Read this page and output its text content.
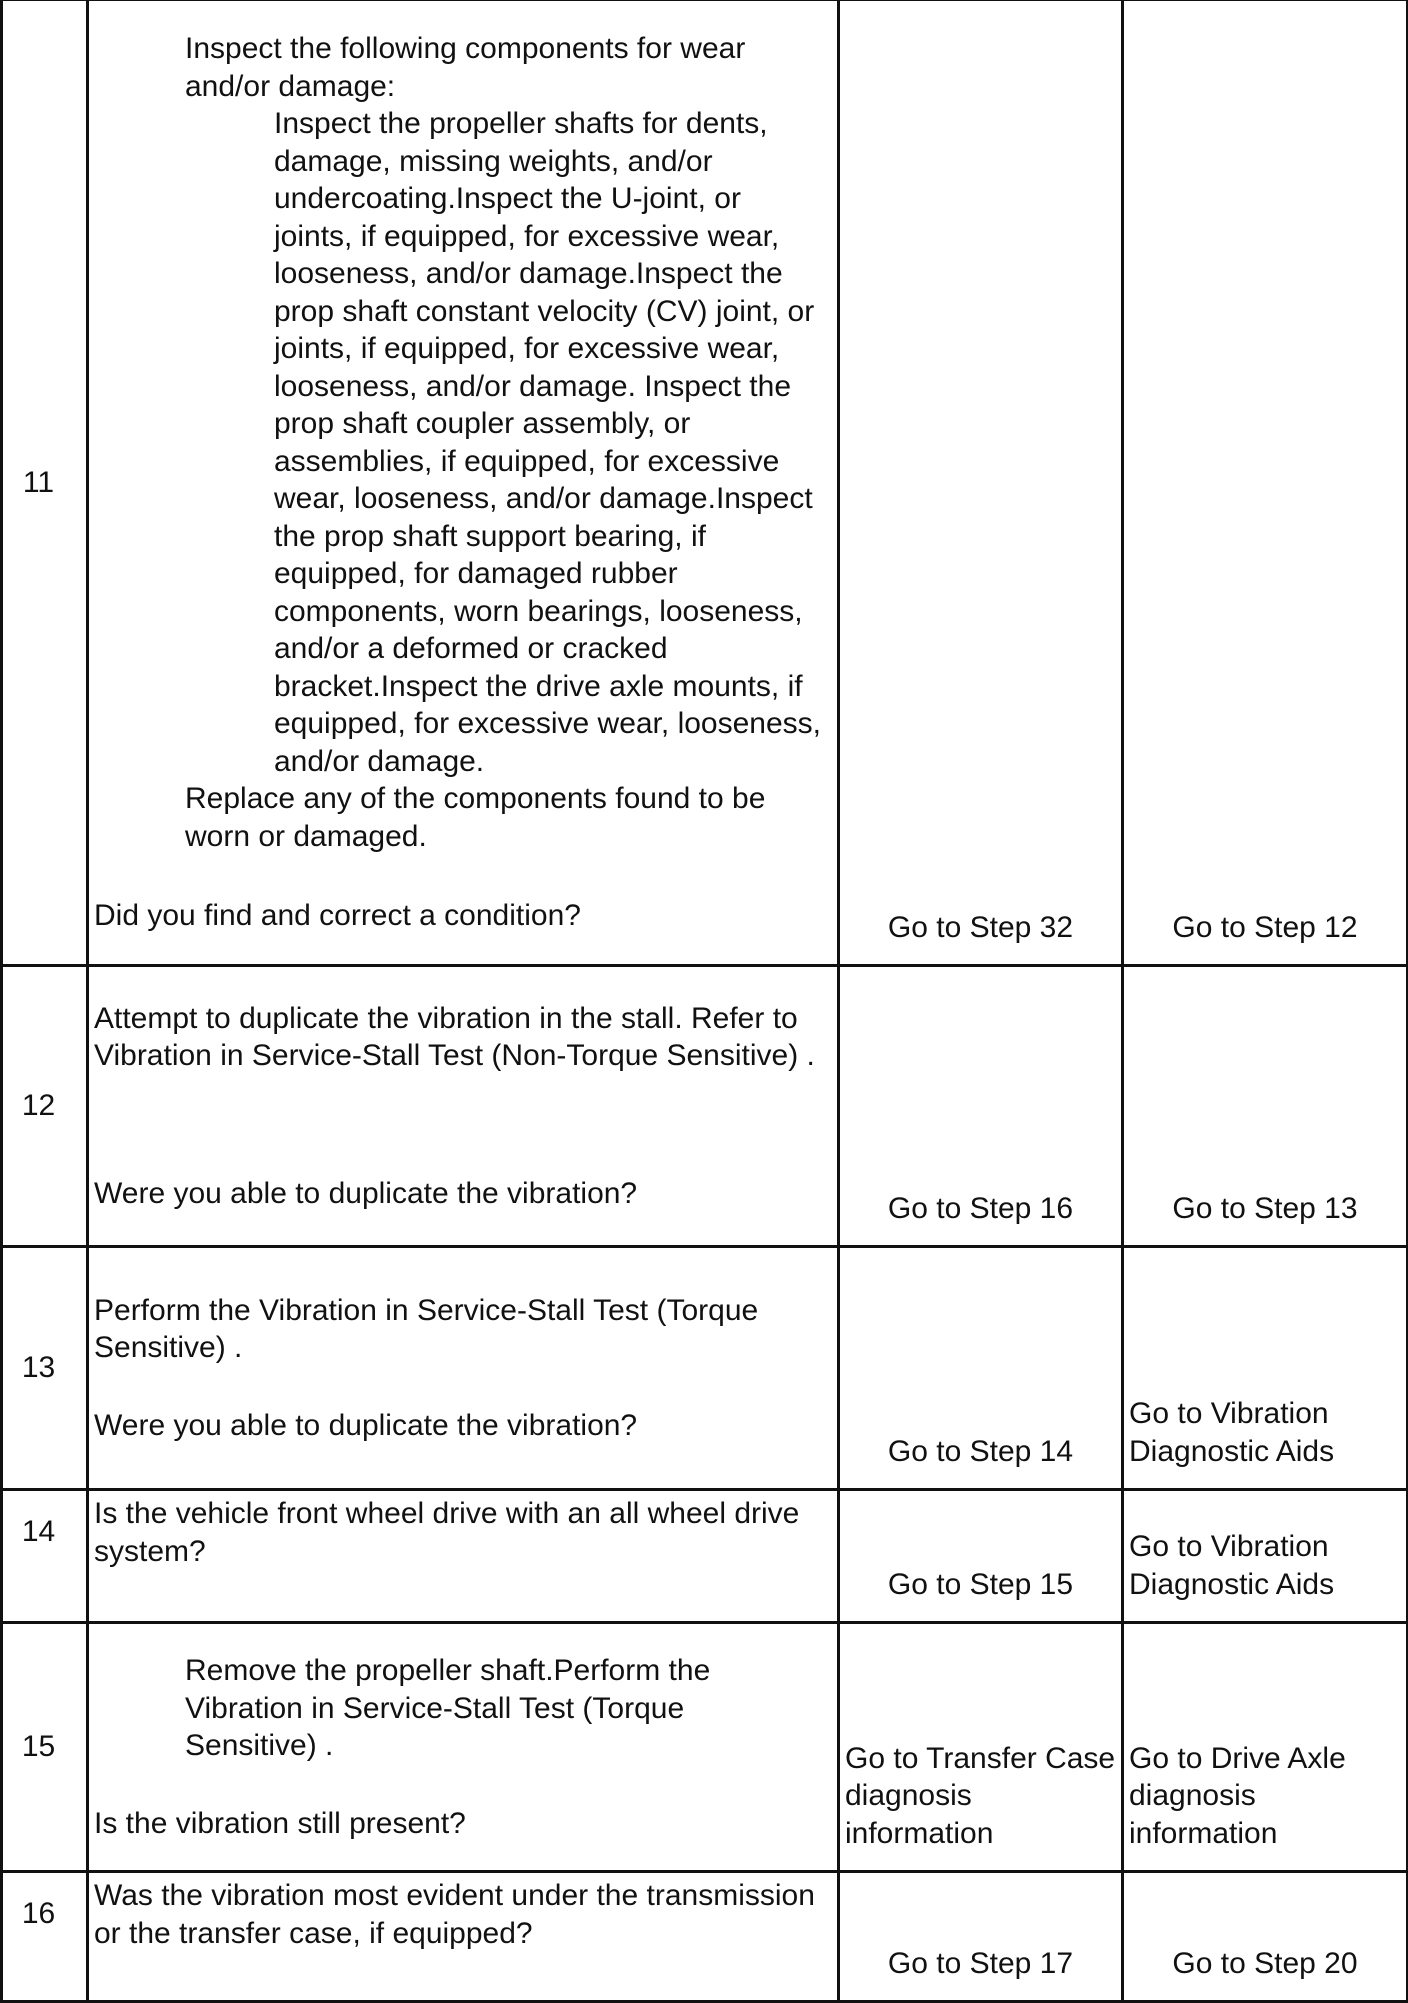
11	Inspect the following components for wear and/or damage:
Inspect the propeller shafts for dents, damage, missing weights, and/or undercoating.Inspect the U-joint, or joints, if equipped, for excessive wear, looseness, and/or damage.Inspect the prop shaft constant velocity (CV) joint, or joints, if equipped, for excessive wear, looseness, and/or damage. Inspect the prop shaft coupler assembly, or assemblies, if equipped, for excessive wear, looseness, and/or damage.Inspect the prop shaft support bearing, if equipped, for damaged rubber components, worn bearings, looseness, and/or a deformed or cracked bracket.Inspect the drive axle mounts, if equipped, for excessive wear, looseness, and/or damage.
Replace any of the components found to be worn or damaged.
Did you find and correct a condition?	Go to Step 32	Go to Step 12
12	Attempt to duplicate the vibration in the stall. Refer to Vibration in Service-Stall Test (Non-Torque Sensitive) .
Were you able to duplicate the vibration?	Go to Step 16	Go to Step 13
13	Perform the Vibration in Service-Stall Test (Torque Sensitive) .
Were you able to duplicate the vibration?	Go to Step 14	Go to Vibration Diagnostic Aids
14	Is the vehicle front wheel drive with an all wheel drive system?	Go to Step 15	Go to Vibration Diagnostic Aids
15	Remove the propeller shaft.Perform the Vibration in Service-Stall Test (Torque Sensitive) .
Is the vibration still present?	Go to Transfer Case diagnosis information	Go to Drive Axle diagnosis information
16	Was the vibration most evident under the transmission or the transfer case, if equipped?	Go to Step 17	Go to Step 20
